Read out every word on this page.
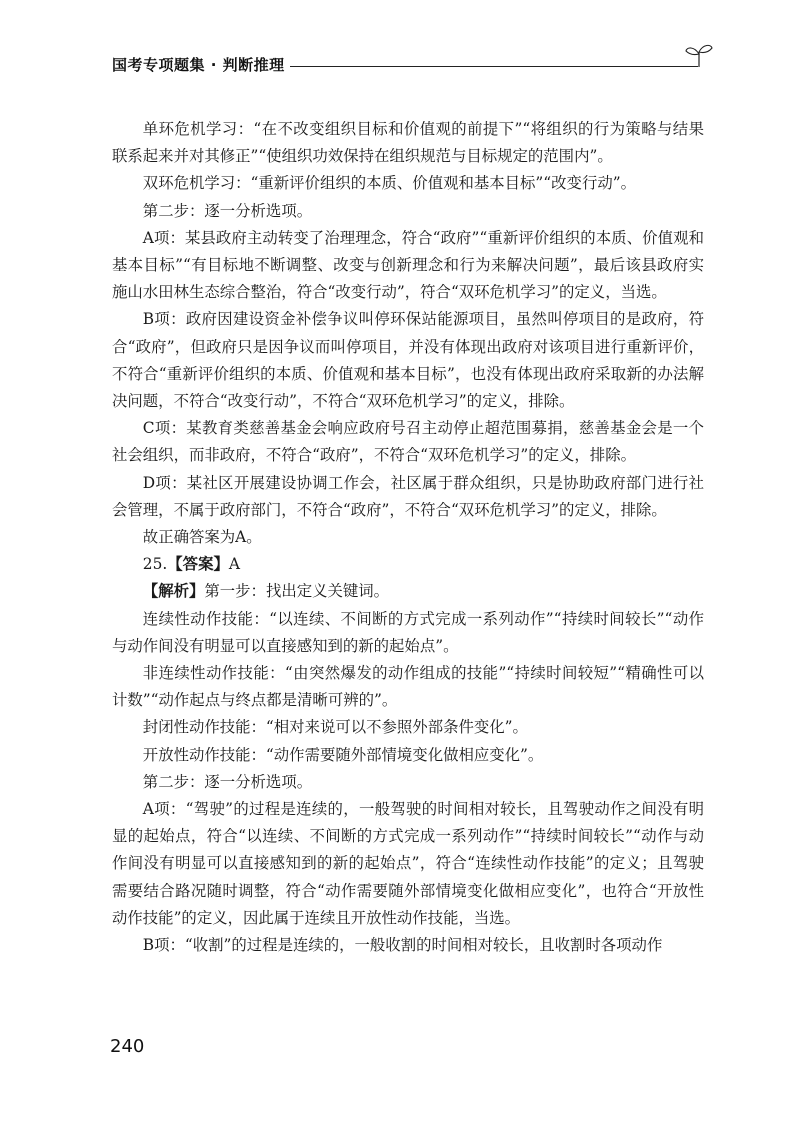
国考专项题集 · 判断推理

单环危机学习：“在不改变组织目标和价值观的前提下”“将组织的行为策略与结果联系起来并对其修正”“使组织功效保持在组织规范与目标规定的范围内”。

双环危机学习：“重新评价组织的本质、价值观和基本目标”“改变行动”。

第二步：逐一分析选项。

A项：某县政府主动转变了治理理念，符合“政府”“重新评价组织的本质、价值观和基本目标”“有目标地不断调整、改变与创新理念和行为来解决问题”，最后该县政府实施山水田林生态综合整治，符合“改变行动”，符合“双环危机学习”的定义，当选。

B项：政府因建设资金补偿争议叫停环保站能源项目，虽然叫停项目的是政府，符合“政府”，但政府只是因争议而叫停项目，并没有体现出政府对该项目进行重新评价，不符合“重新评价组织的本质、价值观和基本目标”，也没有体现出政府采取新的办法解决问题，不符合“改变行动”，不符合“双环危机学习”的定义，排除。

C项：某教育类慈善基金会响应政府号召主动停止超范围募捐，慈善基金会是一个社会组织，而非政府，不符合“政府”，不符合“双环危机学习”的定义，排除。

D项：某社区开展建设协调工作会，社区属于群众组织，只是协助政府部门进行社会管理，不属于政府部门，不符合“政府”，不符合“双环危机学习”的定义，排除。

故正确答案为A。

25.【答案】A

【解析】第一步：找出定义关键词。

连续性动作技能：“以连续、不间断的方式完成一系列动作”“持续时间较长”“动作与动作间没有明显可以直接感知到的新的起始点”。

非连续性动作技能：“由突然爆发的动作组成的技能”“持续时间较短”“精确性可以计数”“动作起点与终点都是清晰可辨的”。

封闭性动作技能：“相对来说可以不参照外部条件变化”。

开放性动作技能：“动作需要随外部情境变化做相应变化”。

第二步：逐一分析选项。

A项：“驾驶”的过程是连续的，一般驾驶的时间相对较长，且驾驶动作之间没有明显的起始点，符合“以连续、不间断的方式完成一系列动作”“持续时间较长”“动作与动作间没有明显可以直接感知到的新的起始点”，符合“连续性动作技能”的定义；且驾驶需要结合路况随时调整，符合“动作需要随外部情境变化做相应变化”，也符合“开放性动作技能”的定义，因此属于连续且开放性动作技能，当选。

B项：“收割”的过程是连续的，一般收割的时间相对较长，且收割时各项动作

240
